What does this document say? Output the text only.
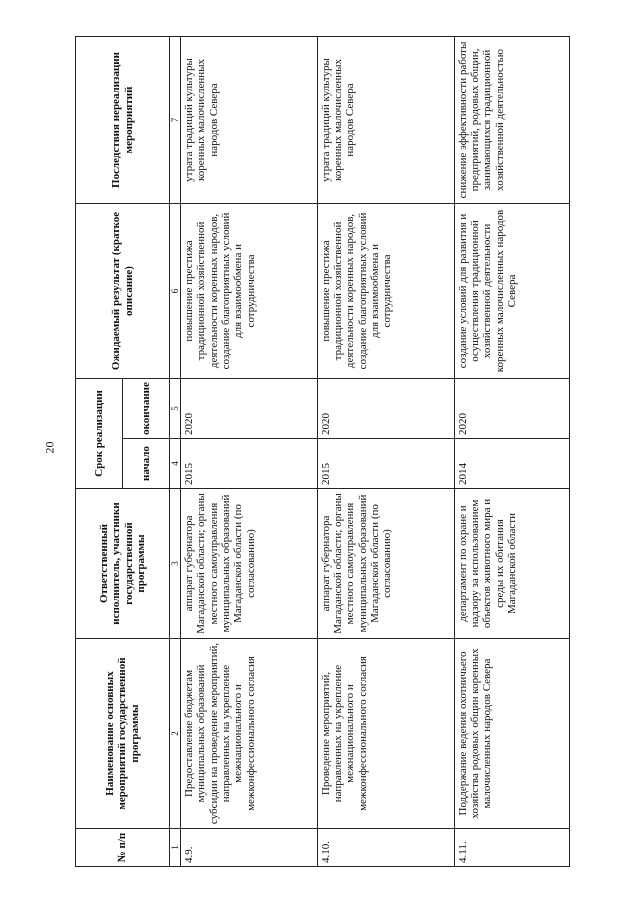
20
№ п/п	Наименование основных мероприятий государственной программы	Ответственный исполнитель, участники государственной программы	Срок реализации		Ожидаемый результат (краткое описание)	Последствия нереализации мероприятий
			начало	окончание		
1	2	3	4	5	6	7
4.9.	Предоставление бюджетам муниципальных образований субсидии на проведение мероприятий, направленных на укрепление межнационального и межконфессионального согласия	аппарат губернатора Магаданской области; органы местного самоуправления муниципальных образований Магаданской области (по согласованию)	2015	2020	повышение престижа традиционной хозяйственной деятельности коренных народов, создание благоприятных условий для взаимообмена и сотрудничества	утрата традиций культуры коренных малочисленных народов Севера
4.10.	Проведение мероприятий, направленных на укрепление межнационального и межконфессионального согласия	аппарат губернатора Магаданской области; органы местного самоуправления муниципальных образований Магаданской области (по согласованию)	2015	2020	повышение престижа традиционной хозяйственной деятельности коренных народов, создание благоприятных условий для взаимообмена и сотрудничества	утрата традиций культуры коренных малочисленных народов Севера
4.11.	Поддержание ведения охотничьего хозяйства родовых общин коренных малочисленных народов Севера	департамент по охране и надзору за использованием объектов животного мира и среды их обитания Магаданской области	2014	2020	создание условий для развития и осуществления традиционной хозяйственной деятельности коренных малочисленных народов Севера	снижение эффективности работы предприятий, родовых общин, занимающихся традиционной хозяйственной деятельностью
